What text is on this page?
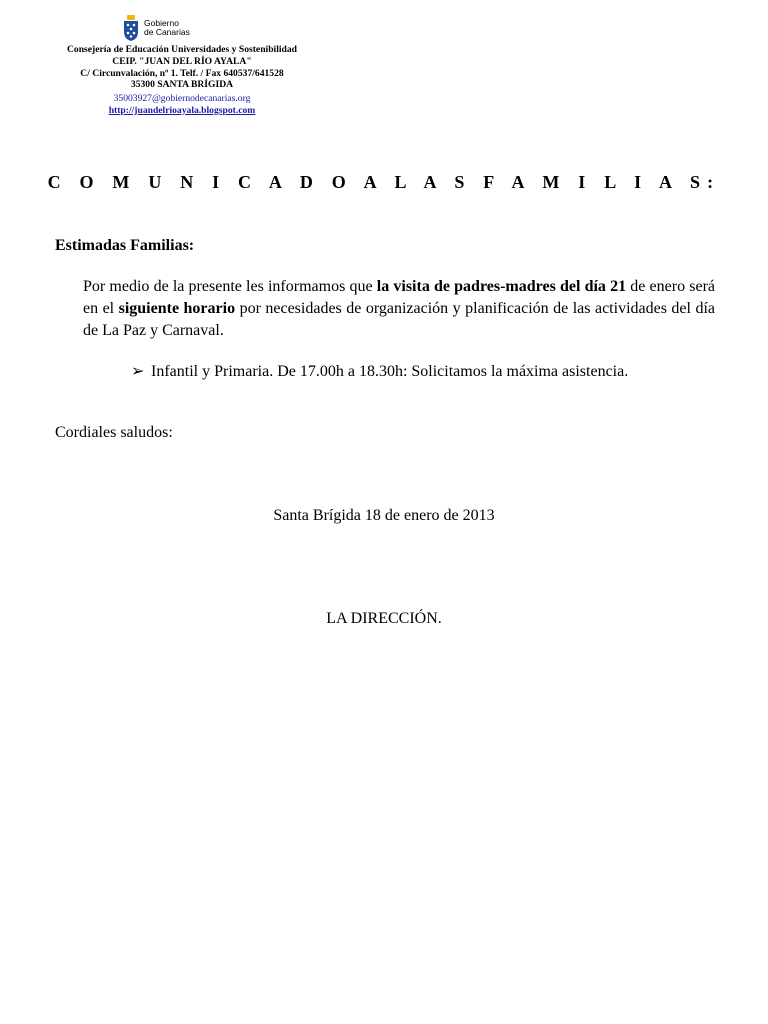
Gobierno
de Canarias
Consejería de Educación Universidades y Sostenibilidad
CEIP. "JUAN DEL RÍO AYALA"
C/ Circunvalación, nº 1. Telf. / Fax 640537/641528
35300 SANTA BRÍGIDA
35003927@gobiernodecanarias.org
http://juandelrioayala.blogspot.com
C O M U N I C A D O A L A S F A M I L I A S:
Estimadas Familias:
Por medio de la presente les informamos que la visita de padres-madres del día 21 de enero será en el siguiente horario por necesidades de organización y planificación de las actividades del día de La Paz y Carnaval.
➢ Infantil y Primaria. De 17.00h a 18.30h: Solicitamos la máxima asistencia.
Cordiales saludos:
Santa Brígida 18 de enero de 2013
LA DIRECCIÓN.
